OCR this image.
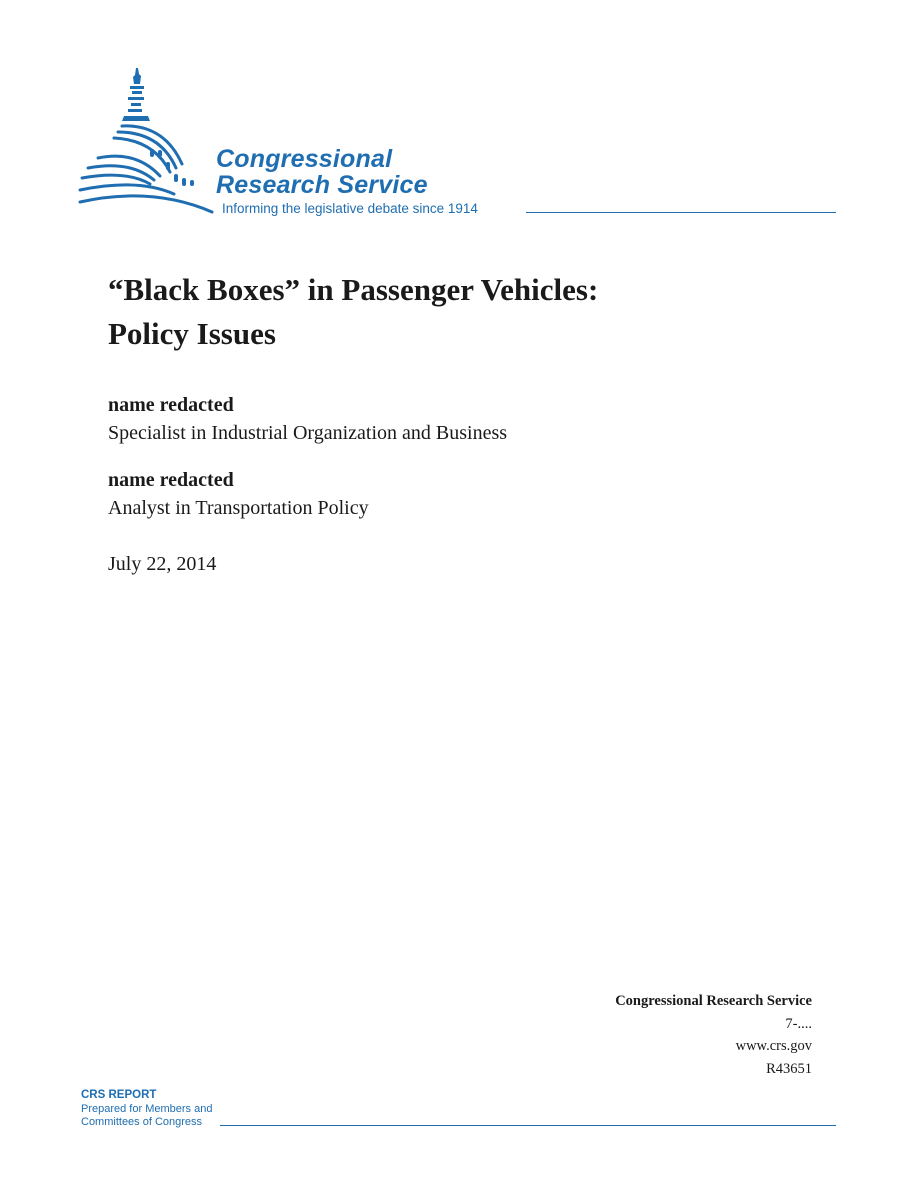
Congressional
Research Service
Informing the legislative debate since 1914
“Black Boxes” in Passenger Vehicles:
Policy Issues
name redacted
Specialist in Industrial Organization and Business
name redacted
Analyst in Transportation Policy
July 22, 2014
Congressional Research Service
7-....
www.crs.gov
R43651
CRS REPORT
Prepared for Members and
Committees of Congress
